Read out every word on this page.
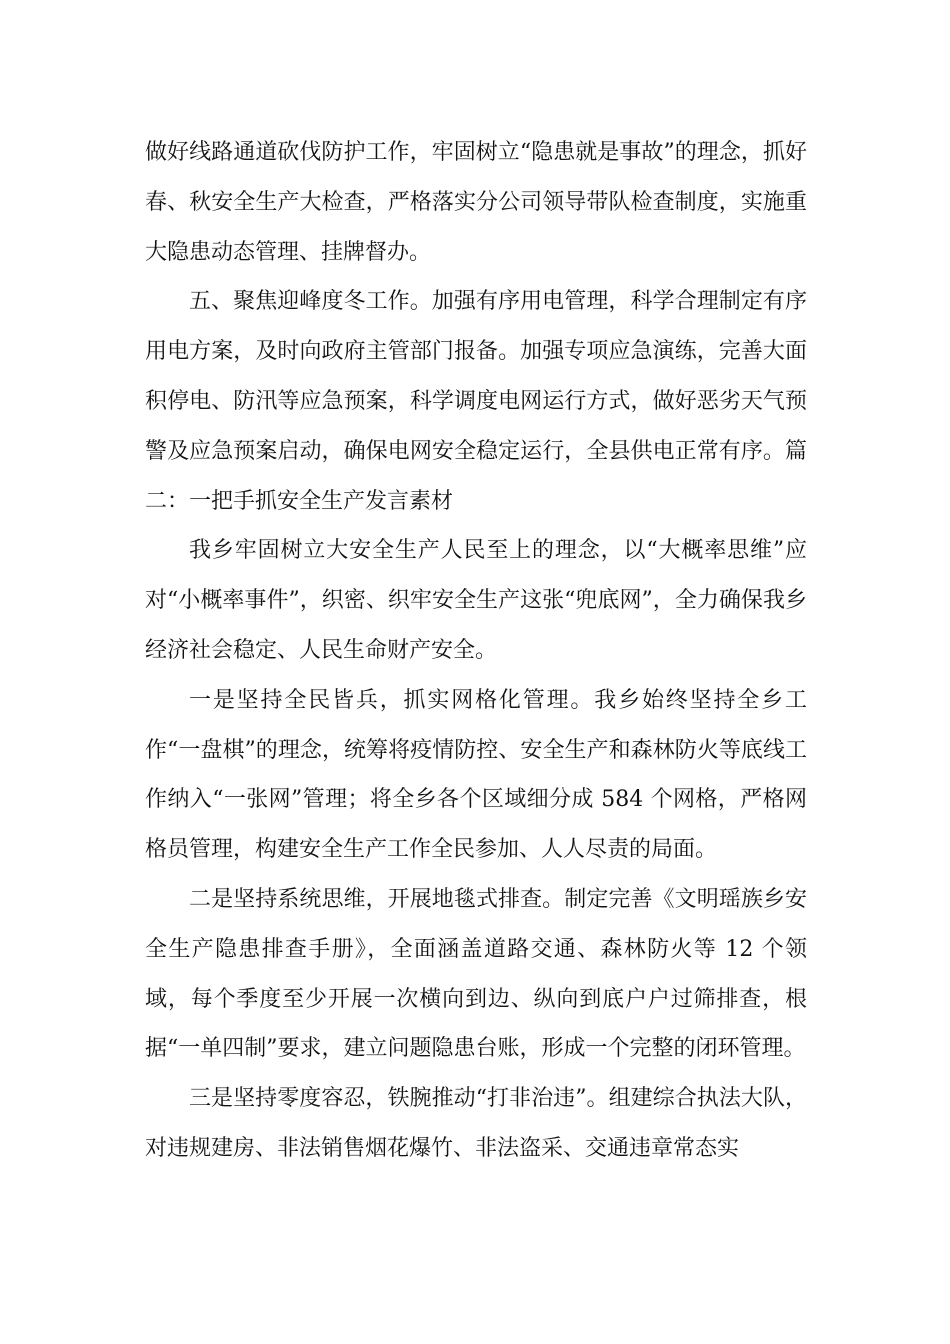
做好线路通道砍伐防护工作，牢固树立“隐患就是事故”的理念，抓好春、秋安全生产大检查，严格落实分公司领导带队检查制度，实施重大隐患动态管理、挂牌督办。

五、聚焦迎峰度冬工作。加强有序用电管理，科学合理制定有序用电方案，及时向政府主管部门报备。加强专项应急演练，完善大面积停电、防汛等应急预案，科学调度电网运行方式，做好恶劣天气预警及应急预案启动，确保电网安全稳定运行，全县供电正常有序。篇二：一把手抓安全生产发言素材

我乡牢固树立大安全生产人民至上的理念，以“大概率思维”应对“小概率事件”，织密、织牢安全生产这张“兜底网”，全力确保我乡经济社会稳定、人民生命财产安全。

一是坚持全民皆兵，抓实网格化管理。我乡始终坚持全乡工作“一盘棋”的理念，统筹将疫情防控、安全生产和森林防火等底线工作纳入“一张网”管理；将全乡各个区域细分成 584 个网格，严格网格员管理，构建安全生产工作全民参加、人人尽责的局面。

二是坚持系统思维，开展地毯式排查。制定完善《文明瑶族乡安全生产隐患排查手册》，全面涵盖道路交通、森林防火等 12 个领域，每个季度至少开展一次横向到边、纵向到底户户过筛排查，根据“一单四制”要求，建立问题隐患台账，形成一个完整的闭环管理。

三是坚持零度容忍，铁腕推动“打非治违”。组建综合执法大队，对违规建房、非法销售烟花爆竹、非法盗采、交通违章常态实
